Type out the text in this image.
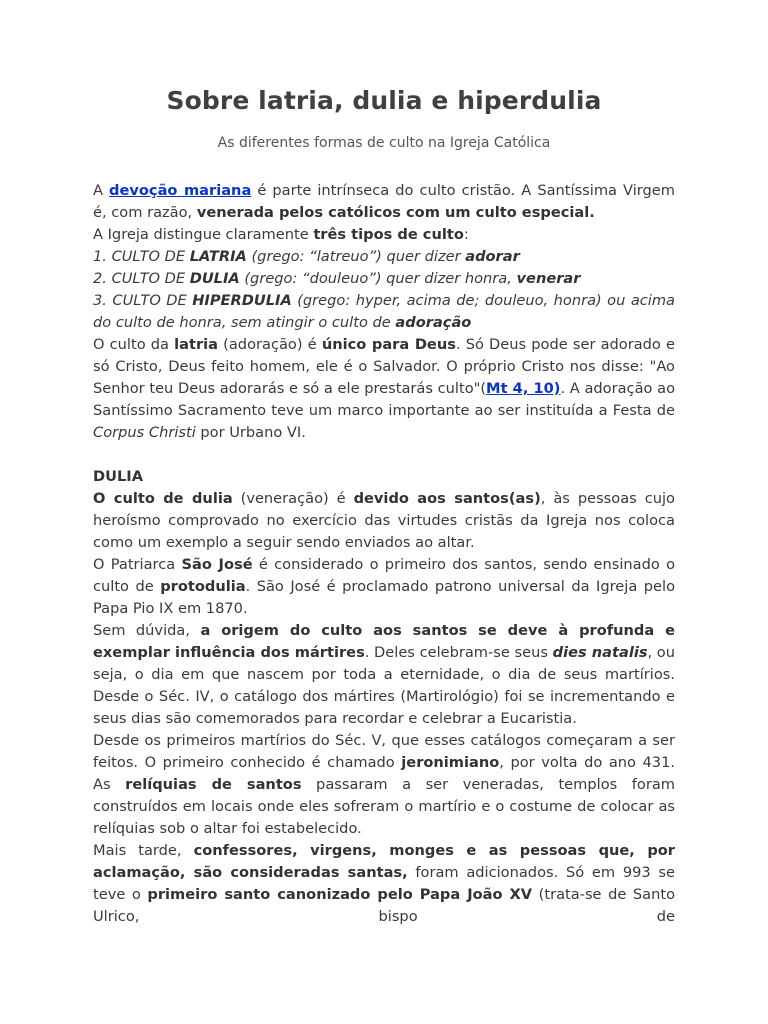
Sobre latria, dulia e hiperdulia
As diferentes formas de culto na Igreja Católica

A devoção mariana é parte intrínseca do culto cristão. A Santíssima Virgem é, com razão, venerada pelos católicos com um culto especial.

A Igreja distingue claramente três tipos de culto:

1. CULTO DE LATRIA (grego: “latreuo”) quer dizer adorar

2. CULTO DE DULIA (grego: “douleuo”) quer dizer honra, venerar

3. CULTO DE HIPERDULIA (grego: hyper, acima de; douleuo, honra) ou acima do culto de honra, sem atingir o culto de adoração

O culto da latria (adoração) é único para Deus. Só Deus pode ser adorado e só Cristo, Deus feito homem, ele é o Salvador. O próprio Cristo nos disse: "Ao Senhor teu Deus adorarás e só a ele prestarás culto"(Mt 4, 10). A adoração ao Santíssimo Sacramento teve um marco importante ao ser instituída a Festa de Corpus Christi por Urbano VI.

DULIA

O culto de dulia (veneração) é devido aos santos(as), às pessoas cujo heroísmo comprovado no exercício das virtudes cristãs da Igreja nos coloca como um exemplo a seguir sendo enviados ao altar.

O Patriarca São José é considerado o primeiro dos santos, sendo ensinado o culto de protodulia. São José é proclamado patrono universal da Igreja pelo Papa Pio IX em 1870.

Sem dúvida, a origem do culto aos santos se deve à profunda e exemplar influência dos mártires. Deles celebram-se seus dies natalis, ou seja, o dia em que nascem por toda a eternidade, o dia de seus martírios. Desde o Séc. IV, o catálogo dos mártires (Martirológio) foi se incrementando e seus dias são comemorados para recordar e celebrar a Eucaristia.

Desde os primeiros martírios do Séc. V, que esses catálogos começaram a ser feitos. O primeiro conhecido é chamado jeronimiano, por volta do ano 431. As relíquias de santos passaram a ser veneradas, templos foram construídos em locais onde eles sofreram o martírio e o costume de colocar as relíquias sob o altar foi estabelecido.

Mais tarde, confessores, virgens, monges e as pessoas que, por aclamação, são consideradas santas, foram adicionados. Só em 993 se teve o primeiro santo canonizado pelo Papa João XV (trata-se de Santo Ulrico, bispo de
